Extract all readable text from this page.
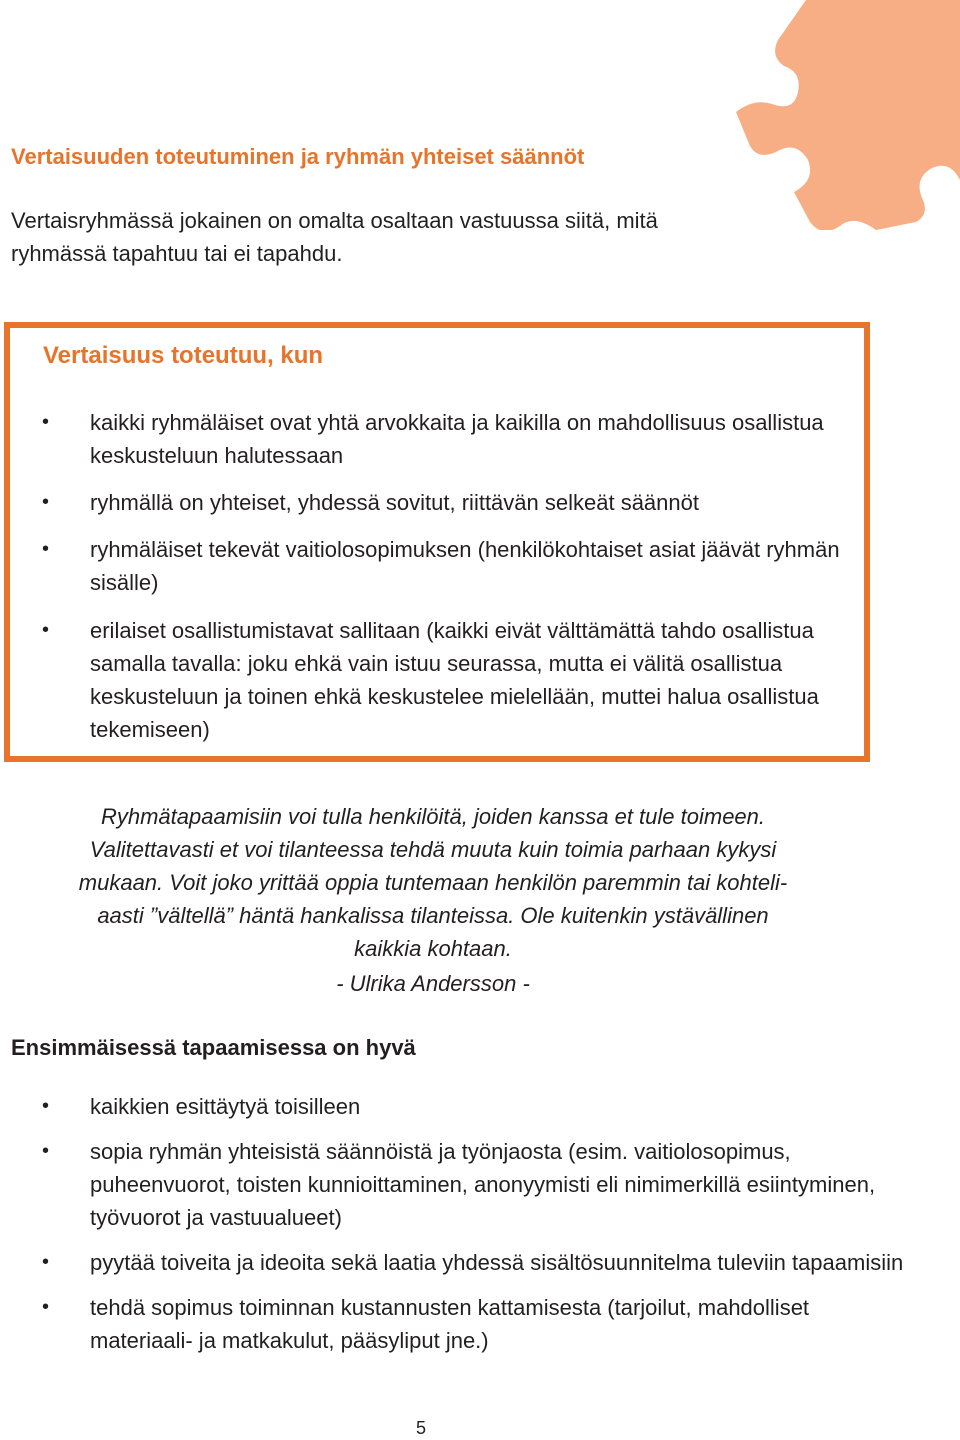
Vertaisuuden toteutuminen ja ryhmän yhteiset säännöt

Vertaisryhmässä jokainen on omalta osaltaan vastuussa siitä, mitä ryhmässä tapahtuu tai ei tapahdu.

Vertaisuus toteutuu, kun
• kaikki ryhmäläiset ovat yhtä arvokkaita ja kaikilla on mahdollisuus osallistua keskusteluun halutessaan
• ryhmällä on yhteiset, yhdessä sovitut, riittävän selkeät säännöt
• ryhmäläiset tekevät vaitiolosopimuksen (henkilökohtaiset asiat jäävät ryhmän sisälle)
• erilaiset osallistumistavat sallitaan (kaikki eivät välttämättä tahdo osallistua samalla tavalla: joku ehkä vain istuu seurassa, mutta ei välitä osallistua keskusteluun ja toinen ehkä keskustelee mielellään, muttei halua osallistua tekemiseen)

Ryhmätapaamisiin voi tulla henkilöitä, joiden kanssa et tule toimeen.
Valitettavasti et voi tilanteessa tehdä muuta kuin toimia parhaan kykysi
mukaan. Voit joko yrittää oppia tuntemaan henkilön paremmin tai kohteli-
aasti ”vältellä” häntä hankalissa tilanteissa. Ole kuitenkin ystävällinen
kaikkia kohtaan.

- Ulrika Andersson -

Ensimmäisessä tapaamisessa on hyvä
• kaikkien esittäytyä toisilleen
• sopia ryhmän yhteisistä säännöistä ja työnjaosta (esim. vaitiolosopimus, puheenvuorot, toisten kunnioittaminen, anonyymisti eli nimimerkillä esiintyminen, työvuorot ja vastuualueet)
• pyytää toiveita ja ideoita sekä laatia yhdessä sisältösuunnitelma tuleviin tapaamisiin
• tehdä sopimus toiminnan kustannusten kattamisesta (tarjoilut, mahdolliset materiaali- ja matkakulut, pääsyliput jne.)

5
